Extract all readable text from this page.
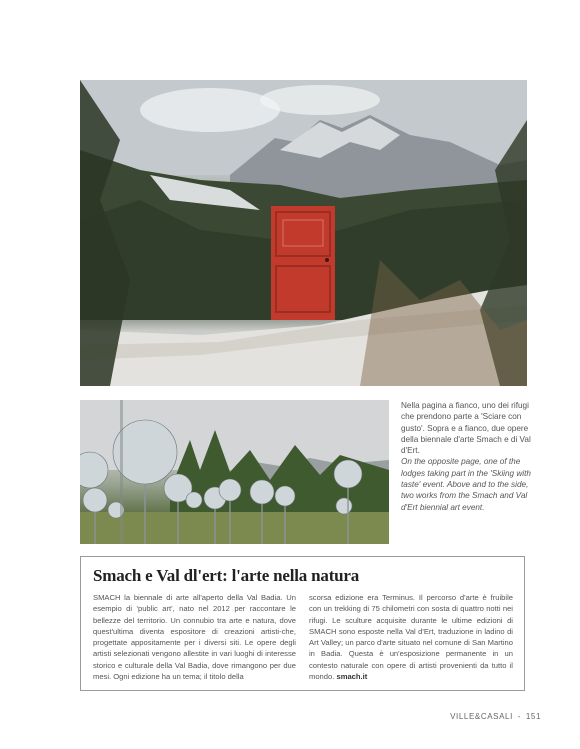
Nella pagina a fianco, uno dei rifugi che prendono parte a 'Sciare con gusto'. Sopra e a fianco, due opere della biennale d'arte Smach e di Val d'Ert.

On the opposite page, one of the lodges taking part in the 'Skiing with taste' event. Above and to the side, two works from the Smach and Val d'Ert biennial art event.

Smach e Val dl'ert: l'arte nella natura

SMACH la biennale di arte all'aperto della Val Badia. Un esempio di 'public art', nato nel 2012 per raccontare le bellezze del territorio. Un connubio tra arte e natura, dove quest'ultima diventa espositore di creazioni artisti-che, progettate appositamente per i diversi siti. Le opere degli artisti selezionati vengono allestite in vari luoghi di interesse storico e culturale della Val Badia, dove rimangono per due mesi. Ogni edizione ha un tema; il titolo della

scorsa edizione era Terminus. Il percorso d'arte è fruibile con un trekking di 75 chilometri con sosta di quattro notti nei rifugi. Le sculture acquisite durante le ultime edizioni di SMACH sono esposte nella Val d'Ert, traduzione in ladino di Art Valley; un parco d'arte situato nel comune di San Martino in Badia. Questa è un'esposizione permanente in un contesto naturale con opere di artisti provenienti da tutto il mondo. smach.it

VILLE&CASALI - 151
